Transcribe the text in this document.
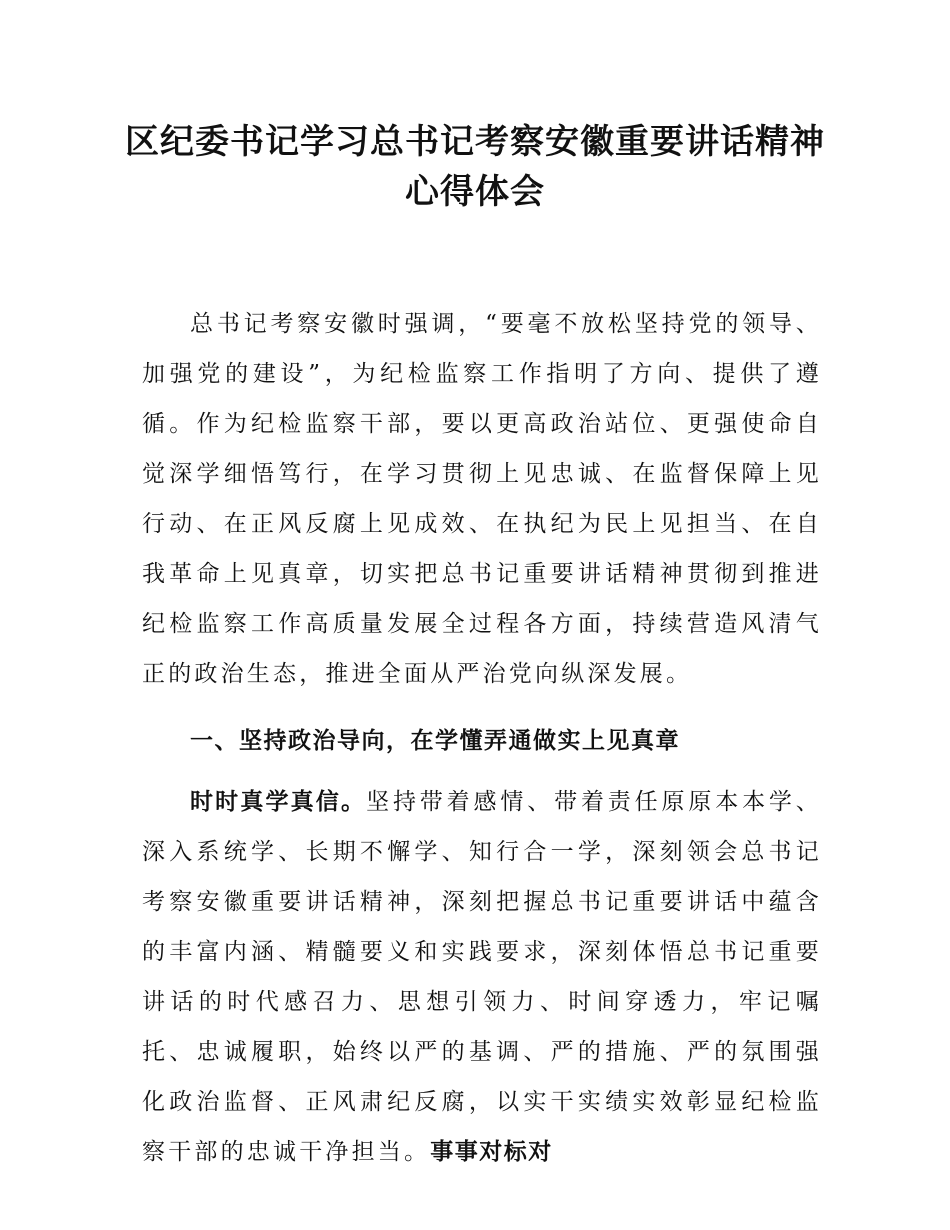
区纪委书记学习总书记考察安徽重要讲话精神心得体会

总书记考察安徽时强调，“要毫不放松坚持党的领导、加强党的建设”，为纪检监察工作指明了方向、提供了遵循。作为纪检监察干部，要以更高政治站位、更强使命自觉深学细悟笃行，在学习贯彻上见忠诚、在监督保障上见行动、在正风反腐上见成效、在执纪为民上见担当、在自我革命上见真章，切实把总书记重要讲话精神贯彻到推进纪检监察工作高质量发展全过程各方面，持续营造风清气正的政治生态，推进全面从严治党向纵深发展。

一、坚持政治导向，在学懂弄通做实上见真章

时时真学真信。坚持带着感情、带着责任原原本本学、深入系统学、长期不懈学、知行合一学，深刻领会总书记考察安徽重要讲话精神，深刻把握总书记重要讲话中蕴含的丰富内涵、精髓要义和实践要求，深刻体悟总书记重要讲话的时代感召力、思想引领力、时间穿透力，牢记嘱托、忠诚履职，始终以严的基调、严的措施、严的氛围强化政治监督、正风肃纪反腐，以实干实绩实效彰显纪检监察干部的忠诚干净担当。事事对标对
